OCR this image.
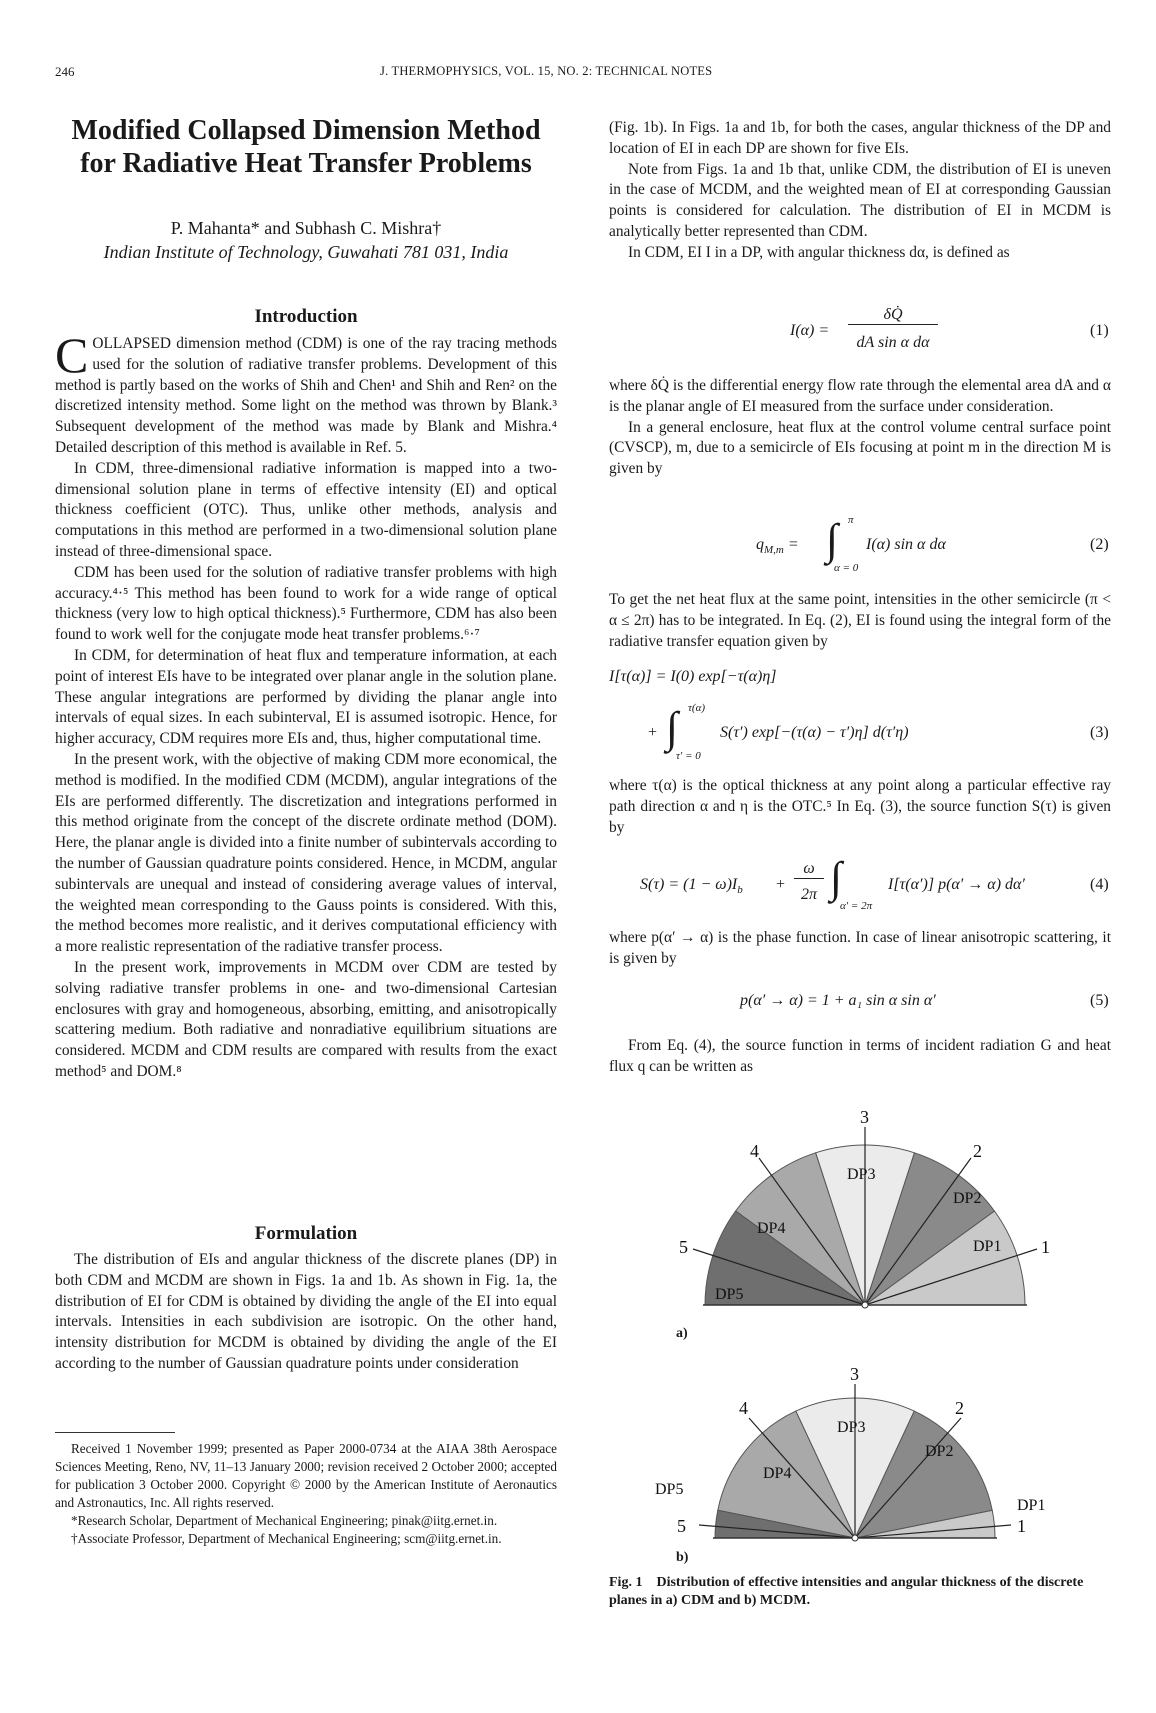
246	J. THERMOPHYSICS, VOL. 15, NO. 2: TECHNICAL NOTES
Modified Collapsed Dimension Method for Radiative Heat Transfer Problems
P. Mahanta* and Subhash C. Mishra†
Indian Institute of Technology, Guwahati 781 031, India
Introduction

COLLAPSED dimension method (CDM) is one of the ray tracing methods used for the solution of radiative transfer problems. Development of this method is partly based on the works of Shih and Chen¹ and Shih and Ren² on the discretized intensity method. Some light on the method was thrown by Blank.³ Subsequent development of the method was made by Blank and Mishra.⁴ Detailed description of this method is available in Ref. 5.

In CDM, three-dimensional radiative information is mapped into a two-dimensional solution plane in terms of effective intensity (EI) and optical thickness coefficient (OTC). Thus, unlike other methods, analysis and computations in this method are performed in a two-dimensional solution plane instead of three-dimensional space.

CDM has been used for the solution of radiative transfer problems with high accuracy.⁴·⁵ This method has been found to work for a wide range of optical thickness (very low to high optical thickness).⁵ Furthermore, CDM has also been found to work well for the conjugate mode heat transfer problems.⁶·⁷

In CDM, for determination of heat flux and temperature information, at each point of interest EIs have to be integrated over planar angle in the solution plane. These angular integrations are performed by dividing the planar angle into intervals of equal sizes. In each subinterval, EI is assumed isotropic. Hence, for higher accuracy, CDM requires more EIs and, thus, higher computational time.

In the present work, with the objective of making CDM more economical, the method is modified. In the modified CDM (MCDM), angular integrations of the EIs are performed differently. The discretization and integrations performed in this method originate from the concept of the discrete ordinate method (DOM). Here, the planar angle is divided into a finite number of subintervals according to the number of Gaussian quadrature points considered. Hence, in MCDM, angular subintervals are unequal and instead of considering average values of interval, the weighted mean corresponding to the Gauss points is considered. With this, the method becomes more realistic, and it derives computational efficiency with a more realistic representation of the radiative transfer process.

In the present work, improvements in MCDM over CDM are tested by solving radiative transfer problems in one- and two-dimensional Cartesian enclosures with gray and homogeneous, absorbing, emitting, and anisotropically scattering medium. Both radiative and nonradiative equilibrium situations are considered. MCDM and CDM results are compared with results from the exact method⁵ and DOM.⁸

Formulation

The distribution of EIs and angular thickness of the discrete planes (DP) in both CDM and MCDM are shown in Figs. 1a and 1b. As shown in Fig. 1a, the distribution of EI for CDM is obtained by dividing the angle of the EI into equal intervals. Intensities in each subdivision are isotropic. On the other hand, intensity distribution for MCDM is obtained by dividing the angle of the EI according to the number of Gaussian quadrature points under consideration

Received 1 November 1999; presented as Paper 2000-0734 at the AIAA 38th Aerospace Sciences Meeting, Reno, NV, 11–13 January 2000; revision received 2 October 2000; accepted for publication 3 October 2000. Copyright © 2000 by the American Institute of Aeronautics and Astronautics, Inc. All rights reserved.

*Research Scholar, Department of Mechanical Engineering; pinak@iitg.ernet.in.

†Associate Professor, Department of Mechanical Engineering; scm@iitg.ernet.in.

(Fig. 1b). In Figs. 1a and 1b, for both the cases, angular thickness of the DP and location of EI in each DP are shown for five EIs.

Note from Figs. 1a and 1b that, unlike CDM, the distribution of EI is uneven in the case of MCDM, and the weighted mean of EI at corresponding Gaussian points is considered for calculation. The distribution of EI in MCDM is analytically better represented than CDM.

In CDM, EI I in a DP, with angular thickness dα, is defined as

I(α) =
δQ̇
dA sin α dα
(1)

where δQ̇ is the differential energy flow rate through the elemental area dA and α is the planar angle of EI measured from the surface under consideration.

In a general enclosure, heat flux at the control volume central surface point (CVSCP), m, due to a semicircle of EIs focusing at point m in the direction M is given by

$q_{M,m}$ = ∫ π
α = 0
I(α) sin α dα	(2)

To get the net heat flux at the same point, intensities in the other semicircle (π < α ≤ 2π) has to be integrated. In Eq. (2), EI is found using the integral form of the radiative transfer equation given by

I[τ(α)] = I(0) exp[−τ(α)η]
+ ∫ τ(α)
τ′ = 0
S(τ′) exp[−(τ(α) − τ′)η] d(τ′η)	(3)

where τ(α) is the optical thickness at any point along a particular effective ray path direction α and η is the OTC.⁵ In Eq. (3), the source function S(τ) is given by

$S(\tau) = (1 - \omega)I_b$ +
ω
2π ∫
α′ = 2π
I[τ(α′)] p(α′ → α) dα′	(4)

where p(α′ → α) is the phase function. In case of linear anisotropic scattering, it is given by

p(α′ → α) = 1 + a₁ sin α sin α′	(5)

From Eq. (4), the source function in terms of incident radiation G and heat flux q can be written as

DP1
DP2
DP3
DP4
DP5
1
2
3
4
5
a)
DP1
DP2
DP3
DP4
DP5
1
2
3
4
5
b)
Fig. 1 Distribution of effective intensities and angular thickness of the discrete planes in a) CDM and b) MCDM.
